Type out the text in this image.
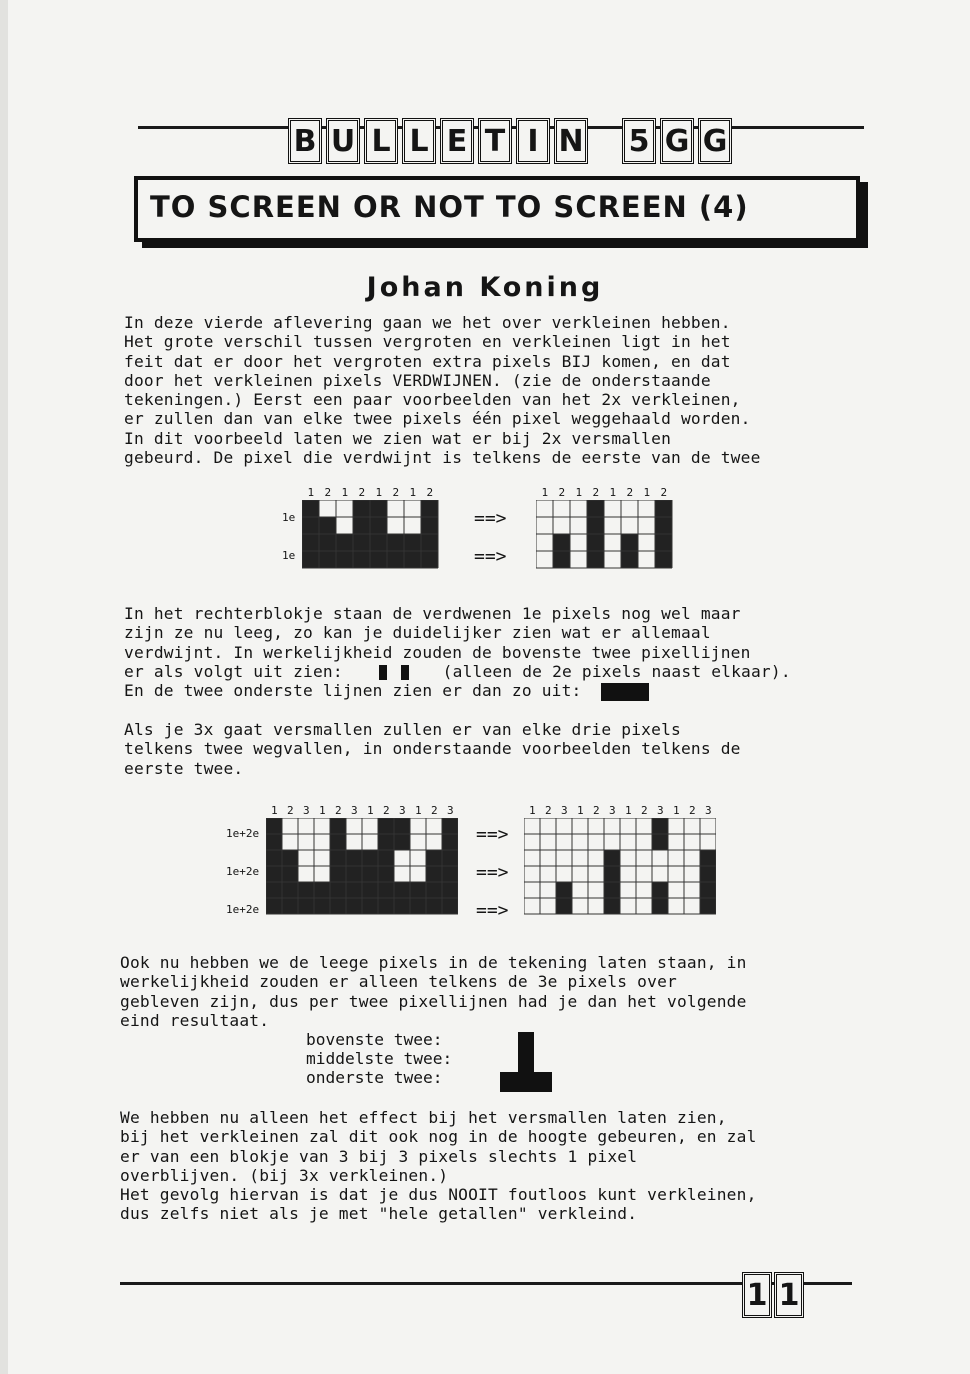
B U L L E T I N 5 G G
TO SCREEN OR NOT TO SCREEN (4)
Johan Koning

In deze vierde aflevering gaan we het over verkleinen hebben.

Het grote verschil tussen vergroten en verkleinen ligt in het

feit dat er door het vergroten extra pixels BIJ komen, en dat

door het verkleinen pixels VERDWIJNEN. (zie de onderstaande

tekeningen.) Eerst een paar voorbeelden van het 2x verkleinen,

er zullen dan van elke twee pixels één pixel weggehaald worden.

In dit voorbeeld laten we zien wat er bij 2x versmallen

gebeurd. De pixel die verdwijnt is telkens de eerste van de twee

1 2 1 2 1 2 1 2	1 2 1 2 1 2 1 2
1e
1e
==>
==>

In het rechterblokje staan de verdwenen 1e pixels nog wel maar

zijn ze nu leeg, zo kan je duidelijker zien wat er allemaal

verdwijnt. In werkelijkheid zouden de bovenste twee pixellijnen

er als volgt uit zien:	(alleen de 2e pixels naast elkaar).

En de twee onderste lijnen zien er dan zo uit:

Als je 3x gaat versmallen zullen er van elke drie pixels

telkens twee wegvallen, in onderstaande voorbeelden telkens de

eerste twee.

1 2 3 1 2 3 1 2 3 1 2 3	1 2 3 1 2 3 1 2 3 1 2 3
1e+2e
1e+2e
1e+2e
==>
==>
==>

Ook nu hebben we de leege pixels in de tekening laten staan, in

werkelijkheid zouden er alleen telkens de 3e pixels over

gebleven zijn, dus per twee pixellijnen had je dan het volgende

eind resultaat.

bovenste twee:
middelste twee:
onderste twee:

We hebben nu alleen het effect bij het versmallen laten zien,

bij het verkleinen zal dit ook nog in de hoogte gebeuren, en zal

er van een blokje van 3 bij 3 pixels slechts 1 pixel

overblijven. (bij 3x verkleinen.)

Het gevolg hiervan is dat je dus NOOIT foutloos kunt verkleinen,

dus zelfs niet als je met "hele getallen" verkleind.

1 1
